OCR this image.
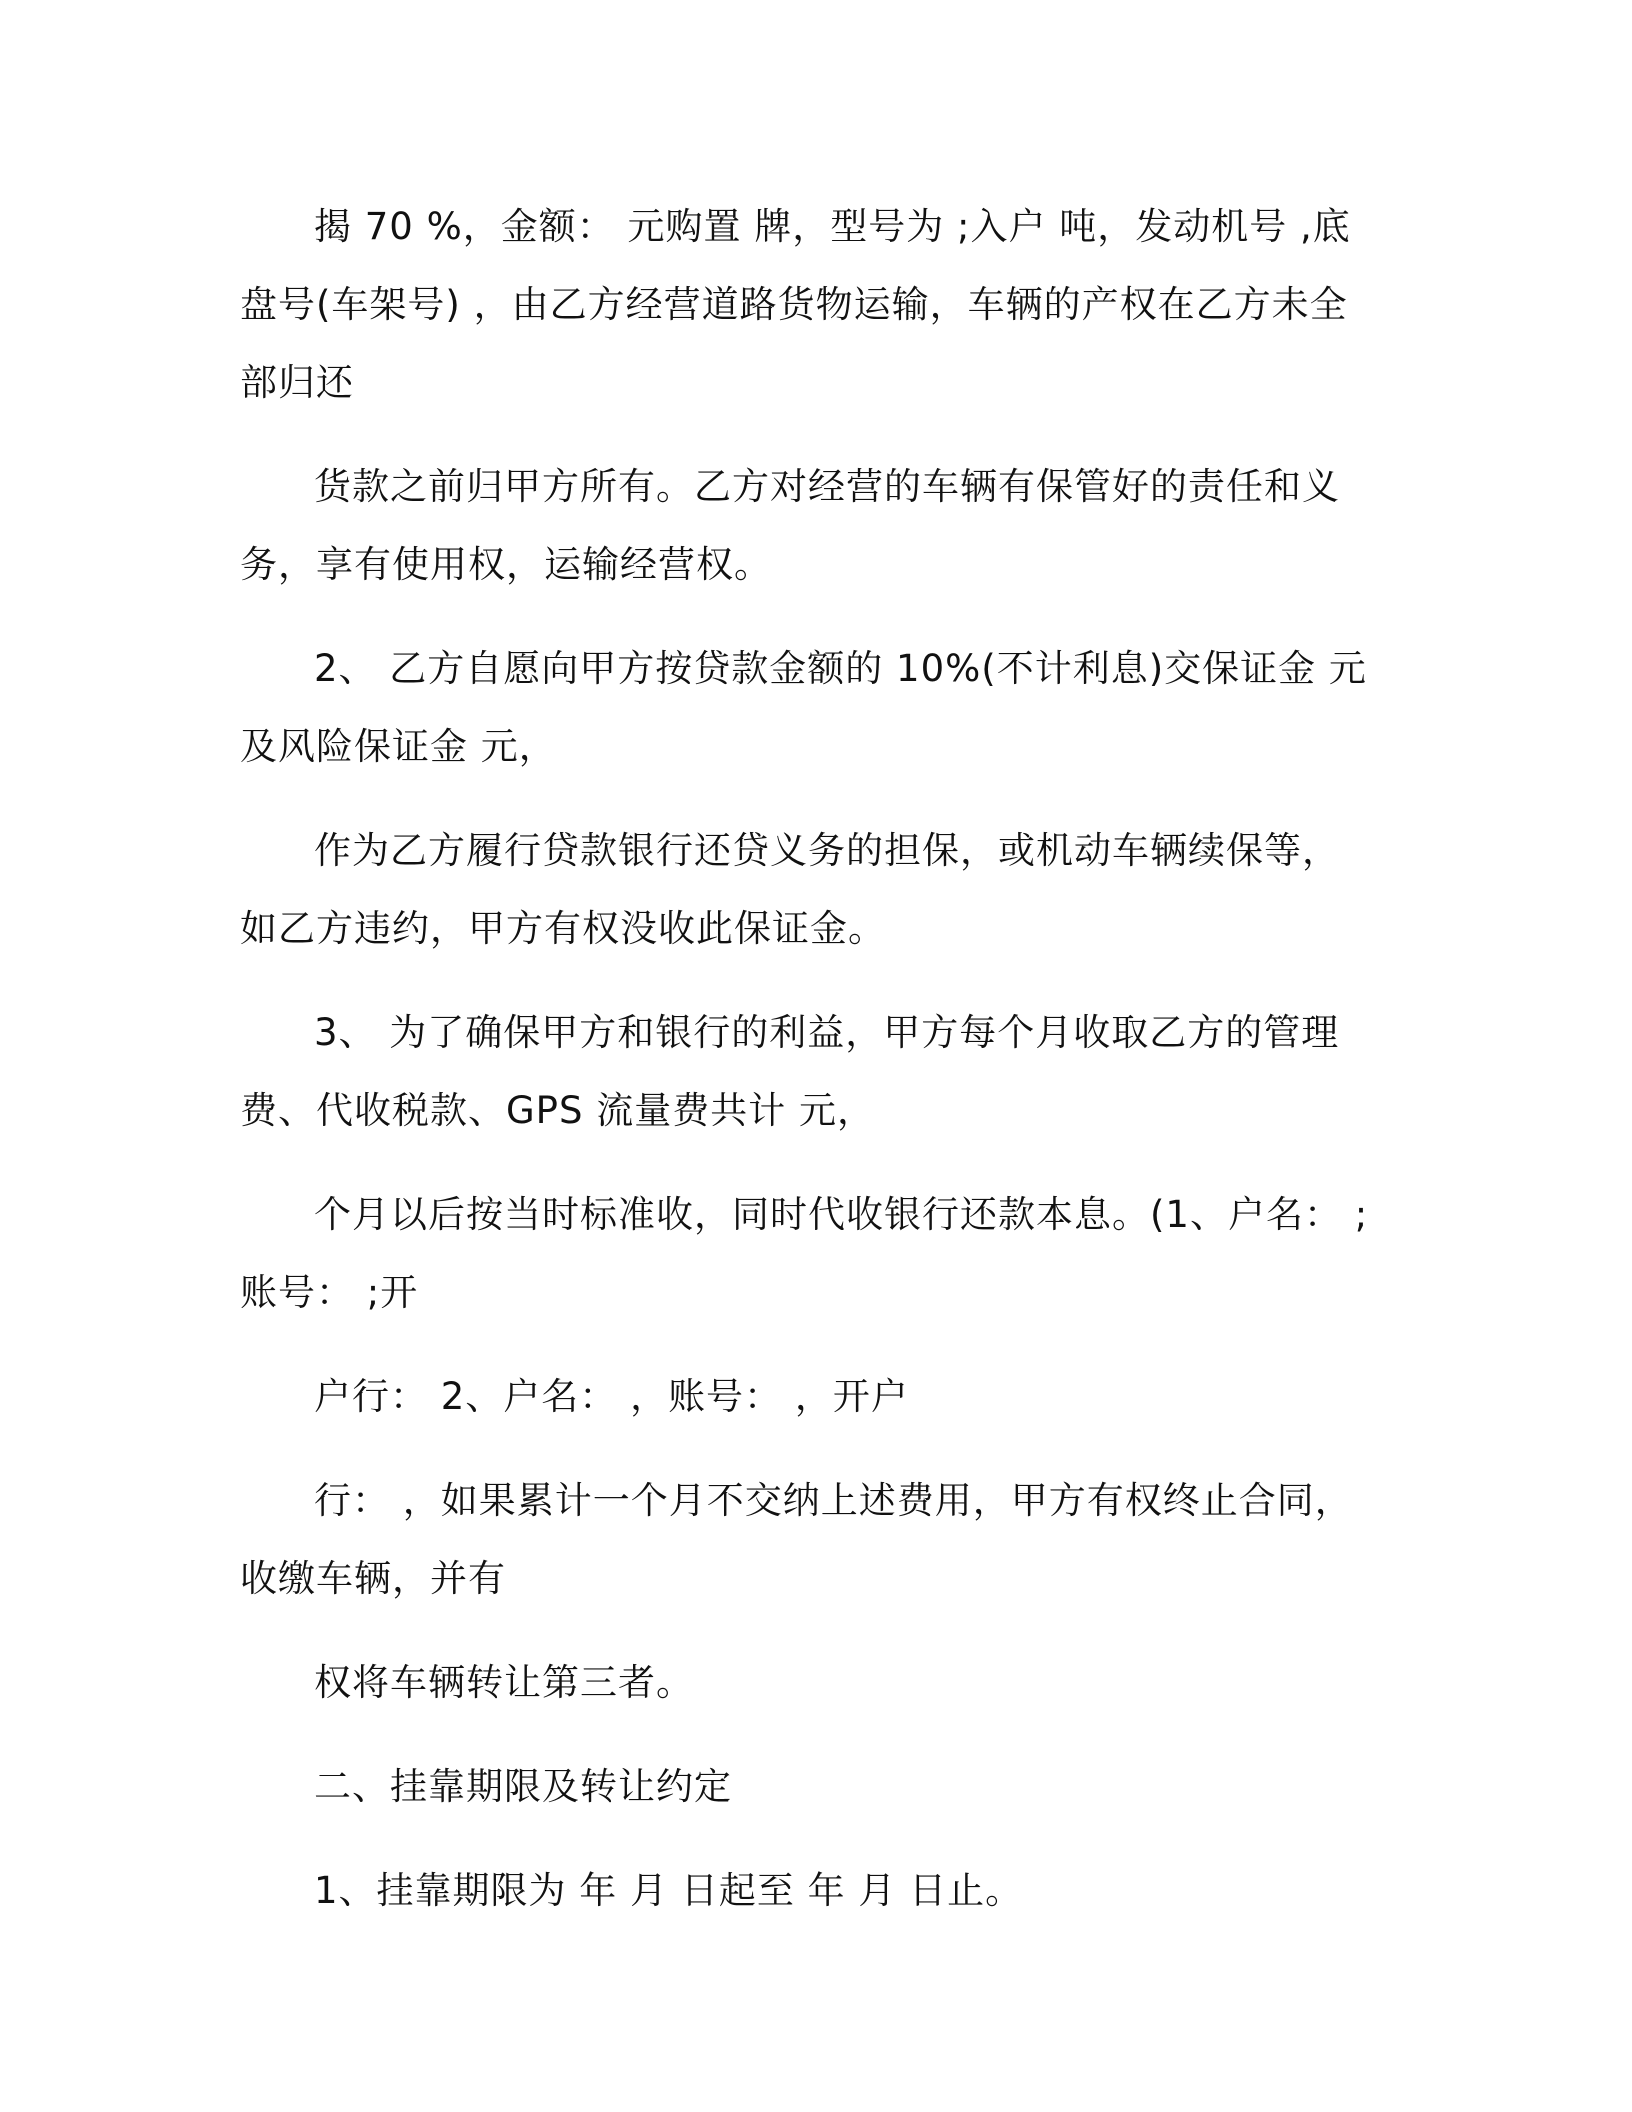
揭 70 %，金额： 元购置 牌，型号为 ;入户 吨，发动机号 ,底盘号(车架号) ，由乙方经营道路货物运输，车辆的产权在乙方未全部归还

货款之前归甲方所有。乙方对经营的车辆有保管好的责任和义务，享有使用权，运输经营权。

2、 乙方自愿向甲方按贷款金额的 10%(不计利息)交保证金 元及风险保证金 元，

作为乙方履行贷款银行还贷义务的担保，或机动车辆续保等，如乙方违约，甲方有权没收此保证金。

3、 为了确保甲方和银行的利益，甲方每个月收取乙方的管理费、代收税款、GPS 流量费共计 元，

个月以后按当时标准收，同时代收银行还款本息。(1、户名： ;账号： ;开

户行： 2、户名： ，账号： ，开户

行： ，如果累计一个月不交纳上述费用，甲方有权终止合同，收缴车辆，并有

权将车辆转让第三者。

二、挂靠期限及转让约定

1、挂靠期限为 年 月 日起至 年 月 日止。
